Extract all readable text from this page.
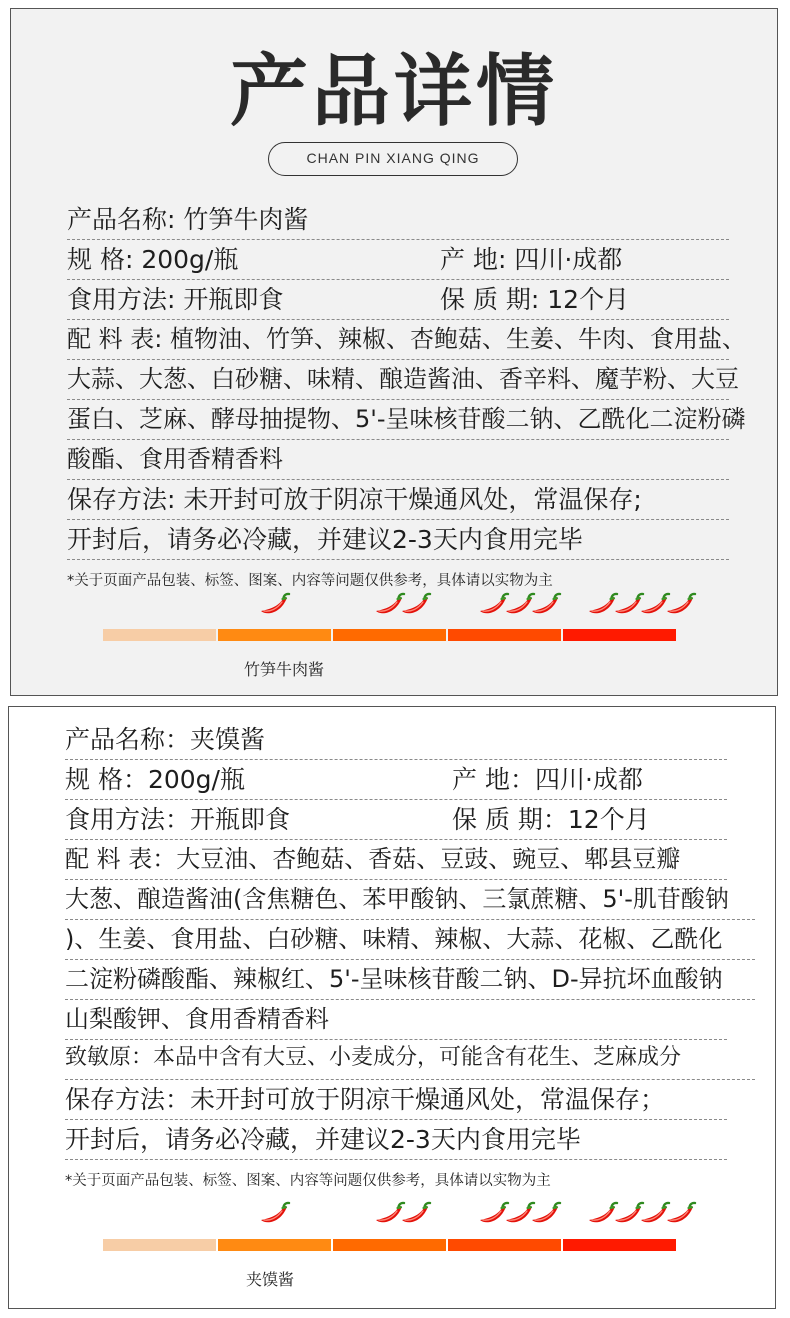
产品详情
CHAN PIN XIANG QING
产品名称: 竹笋牛肉酱
规 格: 200g/瓶	产 地: 四川·成都
食用方法: 开瓶即食	保 质 期: 12个月
配 料 表: 植物油、竹笋、辣椒、杏鲍菇、生姜、牛肉、食用盐、
大蒜、大葱、白砂糖、味精、酿造酱油、香辛料、魔芋粉、大豆
蛋白、芝麻、酵母抽提物、5'-呈味核苷酸二钠、乙酰化二淀粉磷
酸酯、食用香精香料
保存方法: 未开封可放于阴凉干燥通风处，常温保存;
开封后，请务必冷藏，并建议2-3天内食用完毕
*关于页面产品包装、标签、图案、内容等问题仅供参考，具体请以实物为主
竹笋牛肉酱
产品名称：夹馍酱
规 格：200g/瓶	产 地：四川·成都
食用方法：开瓶即食	保 质 期：12个月
配 料 表：大豆油、杏鲍菇、香菇、豆豉、豌豆、郫县豆瓣
大葱、酿造酱油(含焦糖色、苯甲酸钠、三氯蔗糖、5'-肌苷酸钠
)、生姜、食用盐、白砂糖、味精、辣椒、大蒜、花椒、乙酰化
二淀粉磷酸酯、辣椒红、5'-呈味核苷酸二钠、D-异抗坏血酸钠
山梨酸钾、食用香精香料
致敏原：本品中含有大豆、小麦成分，可能含有花生、芝麻成分
保存方法：未开封可放于阴凉干燥通风处，常温保存；
开封后，请务必冷藏，并建议2-3天内食用完毕
*关于页面产品包装、标签、图案、内容等问题仅供参考，具体请以实物为主
夹馍酱
